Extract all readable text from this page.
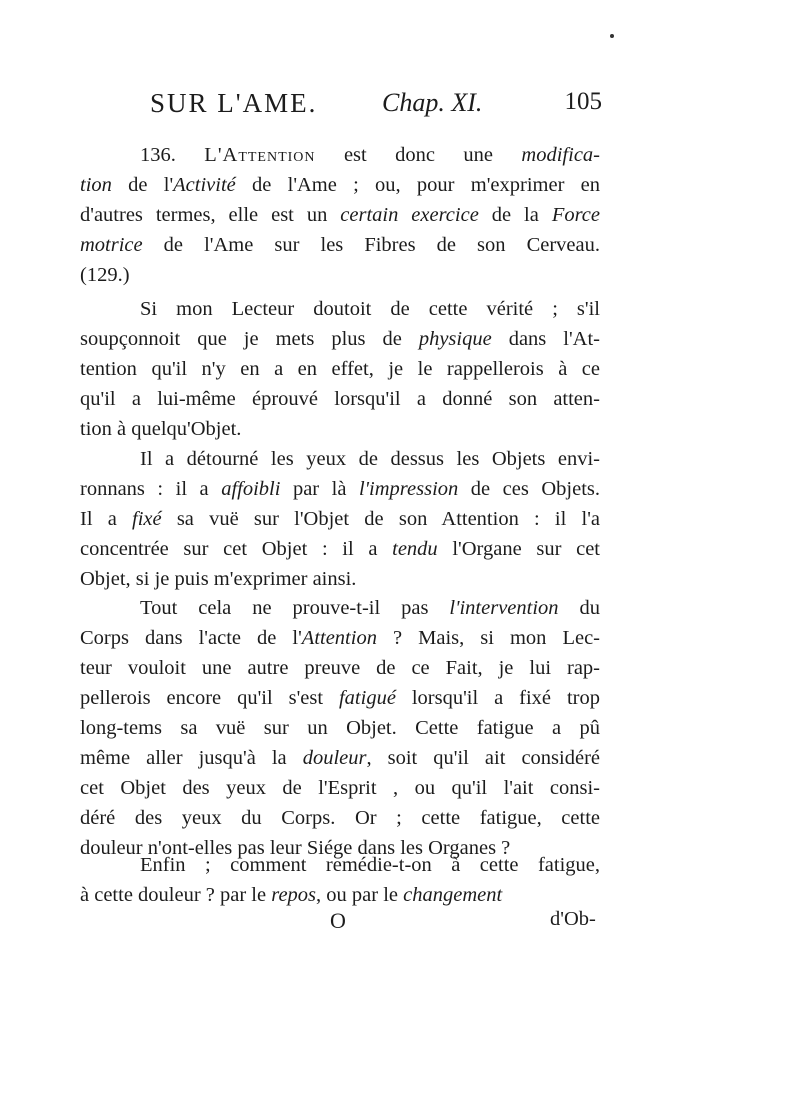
SUR L'AME. Chap. XI.	105
136. L'Attention est donc une modifica-
tion de l'Activité de l'Ame ; ou, pour m'exprimer en
d'autres termes, elle est un certain exercice de la Force
motrice de l'Ame sur les Fibres de son Cerveau.
(129.)
Si mon Lecteur doutoit de cette vérité ; s'il
soupçonnoit que je mets plus de physique dans l'At-
tention qu'il n'y en a en effet, je le rappellerois à ce
qu'il a lui-même éprouvé lorsqu'il a donné son atten-
tion à quelqu'Objet.
Il a détourné les yeux de dessus les Objets envi-
ronnans : il a affoibli par là l'impression de ces Objets.
Il a fixé sa vuë sur l'Objet de son Attention : il l'a
concentrée sur cet Objet : il a tendu l'Organe sur cet
Objet, si je puis m'exprimer ainsi.
Tout cela ne prouve-t-il pas l'intervention du
Corps dans l'acte de l'Attention ? Mais, si mon Lec-
teur vouloit une autre preuve de ce Fait, je lui rap-
pellerois encore qu'il s'est fatigué lorsqu'il a fixé trop
long-tems sa vuë sur un Objet. Cette fatigue a pû
même aller jusqu'à la douleur, soit qu'il ait considéré
cet Objet des yeux de l'Esprit , ou qu'il l'ait consi-
déré des yeux du Corps. Or ; cette fatigue, cette
douleur n'ont-elles pas leur Siége dans les Organes ?
Enfin ; comment remédie-t-on à cette fatigue,
à cette douleur ? par le repos, ou par le changement
O	d'Ob-
